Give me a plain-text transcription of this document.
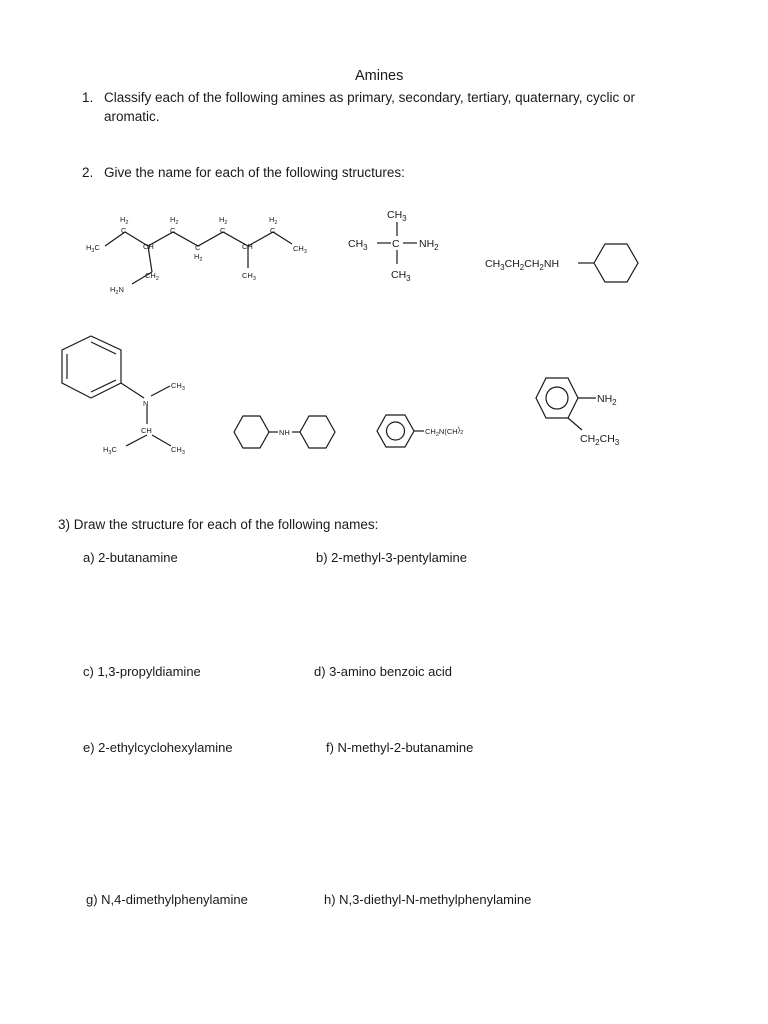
Amines
1. Classify each of the following amines as primary, secondary, tertiary, quaternary, cyclic or
aromatic.
2. Give the name for each of the following structures:
$H_3C$
$H_2$
C
CH
$H_2$
C
C
$H_2$
$H_2$
C
CH
$H_2$
C
$CH_3$
$CH_2$	$CH_3$
$H_2N$
$CH_3$
$CH_3$ C $NH_2$
$CH_3$
$CH_3CH_2CH_2NH$
N
$CH_3$
CH
$H_3C$	$CH_3$
NH	$CH_2N(CH)_2$
$NH_2$
$CH_2CH_3$
3) Draw the structure for each of the following names:
a) 2-butanamine	b) 2-methyl-3-pentylamine
c) 1,3-propyldiamine	d) 3-amino benzoic acid
e) 2-ethylcyclohexylamine	f) N-methyl-2-butanamine
g) N,4-dimethylphenylamine	h) N,3-diethyl-N-methylphenylamine
